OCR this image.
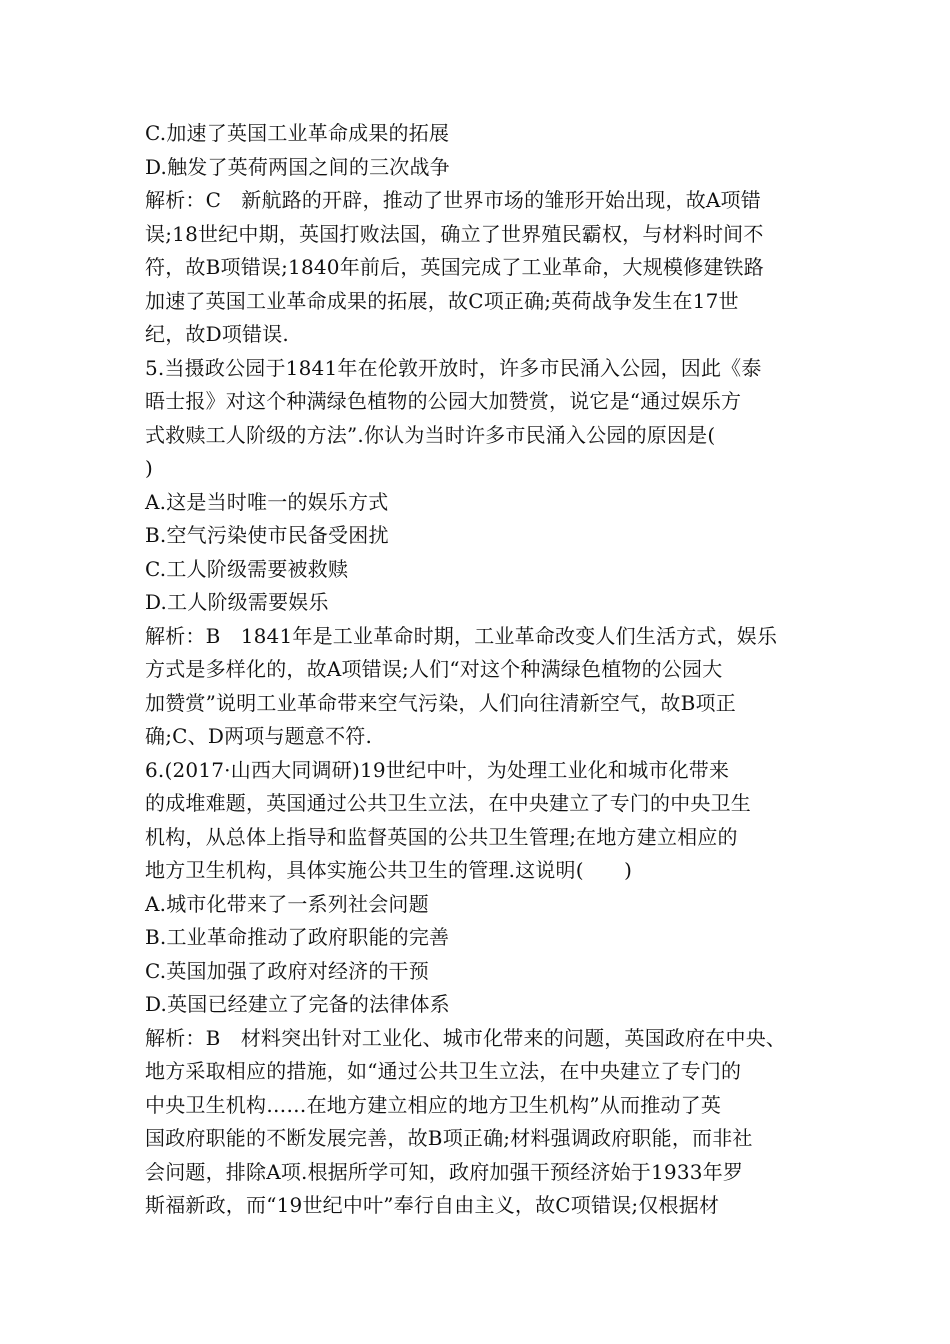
C.加速了英国工业革命成果的拓展
D.触发了英荷两国之间的三次战争
解析：C　新航路的开辟，推动了世界市场的雏形开始出现，故A项错
误;18世纪中期，英国打败法国，确立了世界殖民霸权，与材料时间不
符，故B项错误;1840年前后，英国完成了工业革命，大规模修建铁路
加速了英国工业革命成果的拓展，故C项正确;英荷战争发生在17世
纪，故D项错误.
5.当摄政公园于1841年在伦敦开放时，许多市民涌入公园，因此《泰
晤士报》对这个种满绿色植物的公园大加赞赏，说它是“通过娱乐方
式救赎工人阶级的方法”.你认为当时许多市民涌入公园的原因是(
)
A.这是当时唯一的娱乐方式
B.空气污染使市民备受困扰
C.工人阶级需要被救赎
D.工人阶级需要娱乐
解析：B　1841年是工业革命时期，工业革命改变人们生活方式，娱乐
方式是多样化的，故A项错误;人们“对这个种满绿色植物的公园大
加赞赏”说明工业革命带来空气污染，人们向往清新空气，故B项正
确;C、D两项与题意不符.
6.(2017·山西大同调研)19世纪中叶，为处理工业化和城市化带来
的成堆难题，英国通过公共卫生立法，在中央建立了专门的中央卫生
机构，从总体上指导和监督英国的公共卫生管理;在地方建立相应的
地方卫生机构，具体实施公共卫生的管理.这说明(　　)
A.城市化带来了一系列社会问题
B.工业革命推动了政府职能的完善
C.英国加强了政府对经济的干预
D.英国已经建立了完备的法律体系
解析：B　材料突出针对工业化、城市化带来的问题，英国政府在中央、
地方采取相应的措施，如“通过公共卫生立法，在中央建立了专门的
中央卫生机构……在地方建立相应的地方卫生机构”从而推动了英
国政府职能的不断发展完善，故B项正确;材料强调政府职能，而非社
会问题，排除A项.根据所学可知，政府加强干预经济始于1933年罗
斯福新政，而“19世纪中叶”奉行自由主义，故C项错误;仅根据材
